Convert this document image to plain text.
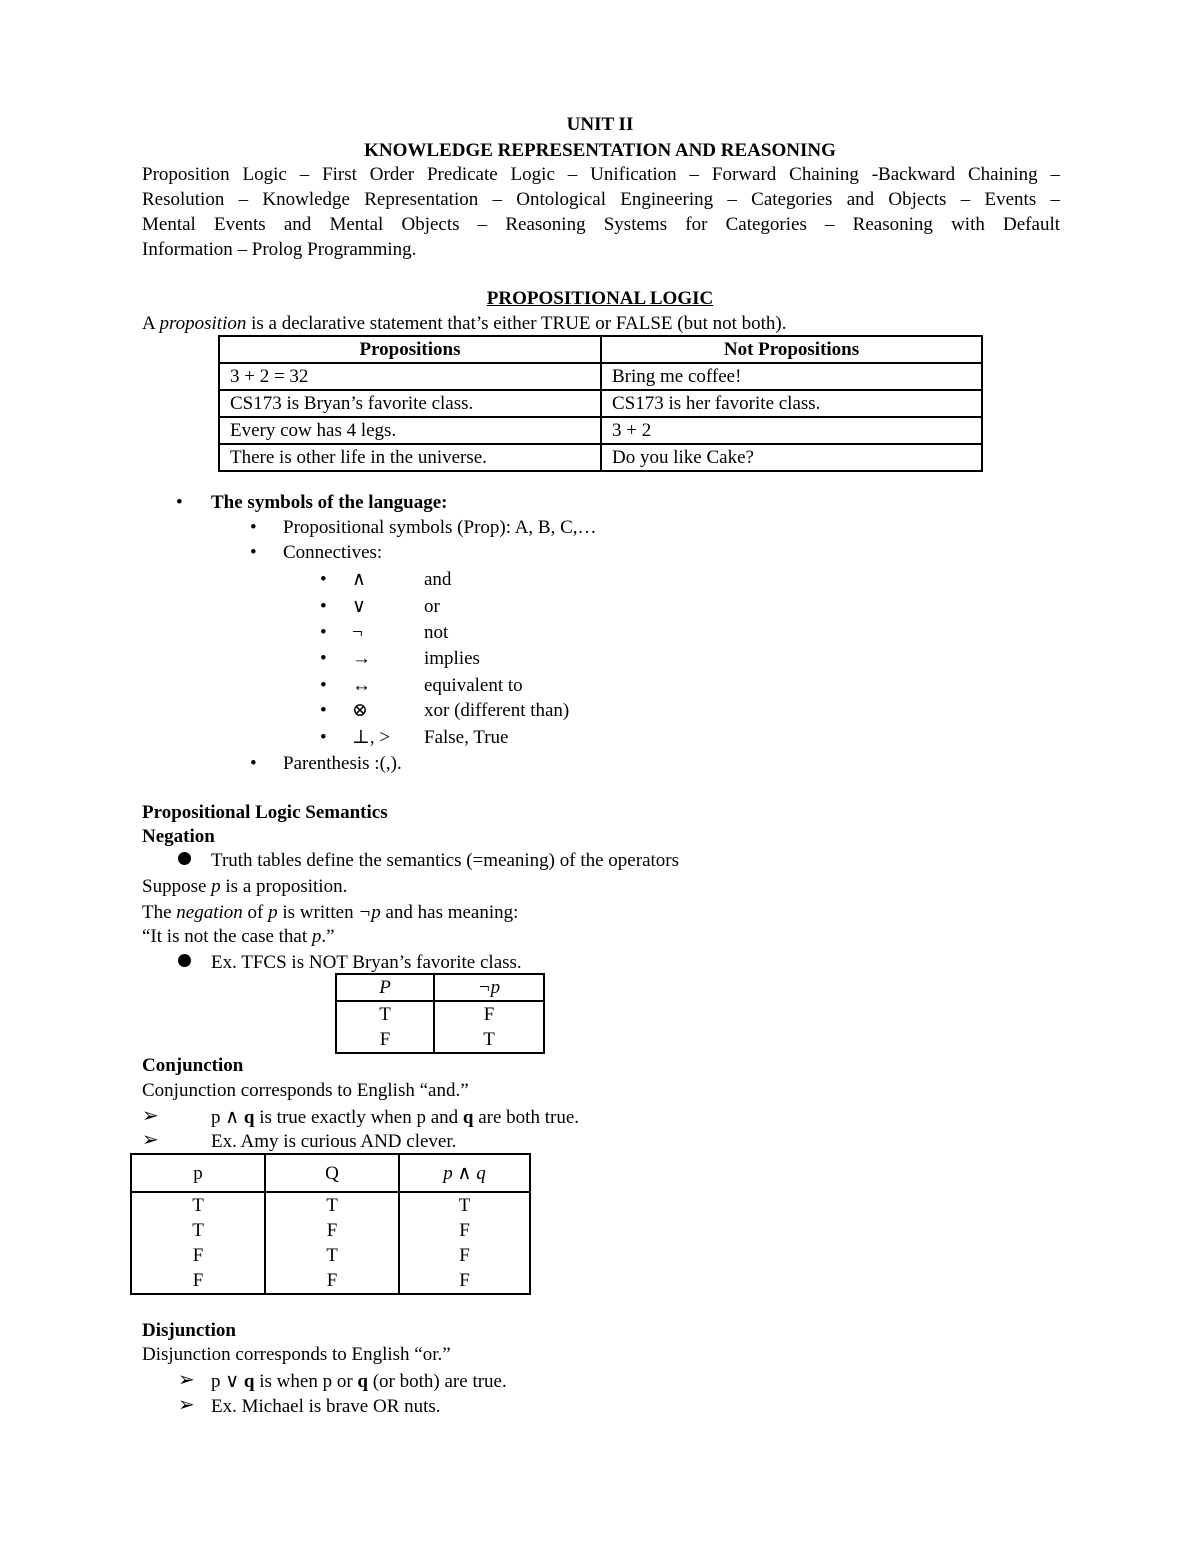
UNIT II
KNOWLEDGE REPRESENTATION AND REASONING
Proposition Logic – First Order Predicate Logic – Unification – Forward Chaining -Backward Chaining –
Resolution – Knowledge Representation – Ontological Engineering – Categories and Objects – Events –
Mental Events and Mental Objects – Reasoning Systems for Categories – Reasoning with Default
Information – Prolog Programming.
PROPOSITIONAL LOGIC
A proposition is a declarative statement that’s either TRUE or FALSE (but not both).
Propositions	Not Propositions
3 + 2 = 32	Bring me coffee!
CS173 is Bryan’s favorite class.	CS173 is her favorite class.
Every cow has 4 legs.	3 + 2
There is other life in the universe.	Do you like Cake?
• The symbols of the language:
• Propositional symbols (Prop): A, B, C,…
• Connectives:
• ∧	and
• ∨	or
• ¬	not
• →	implies
• ↔	equivalent to
• ⊗	xor (different than)
• ⊥, > False, True
• Parenthesis :(,).
Propositional Logic Semantics
Negation
Truth tables define the semantics (=meaning) of the operators
Suppose p is a proposition.
The negation of p is written ¬p and has meaning:
“It is not the case that p.”
Ex. TFCS is NOT Bryan’s favorite class.
P	¬p
T	F
F	T
Conjunction
Conjunction corresponds to English “and.”
➢	p ∧ q is true exactly when p and q are both true.
➢	Ex. Amy is curious AND clever.
p	Q	p ∧ q
T	T	T
T	F	F
F	T	F
F	F	F
Disjunction
Disjunction corresponds to English “or.”
➢ p ∨ q is when p or q (or both) are true.
➢ Ex. Michael is brave OR nuts.
